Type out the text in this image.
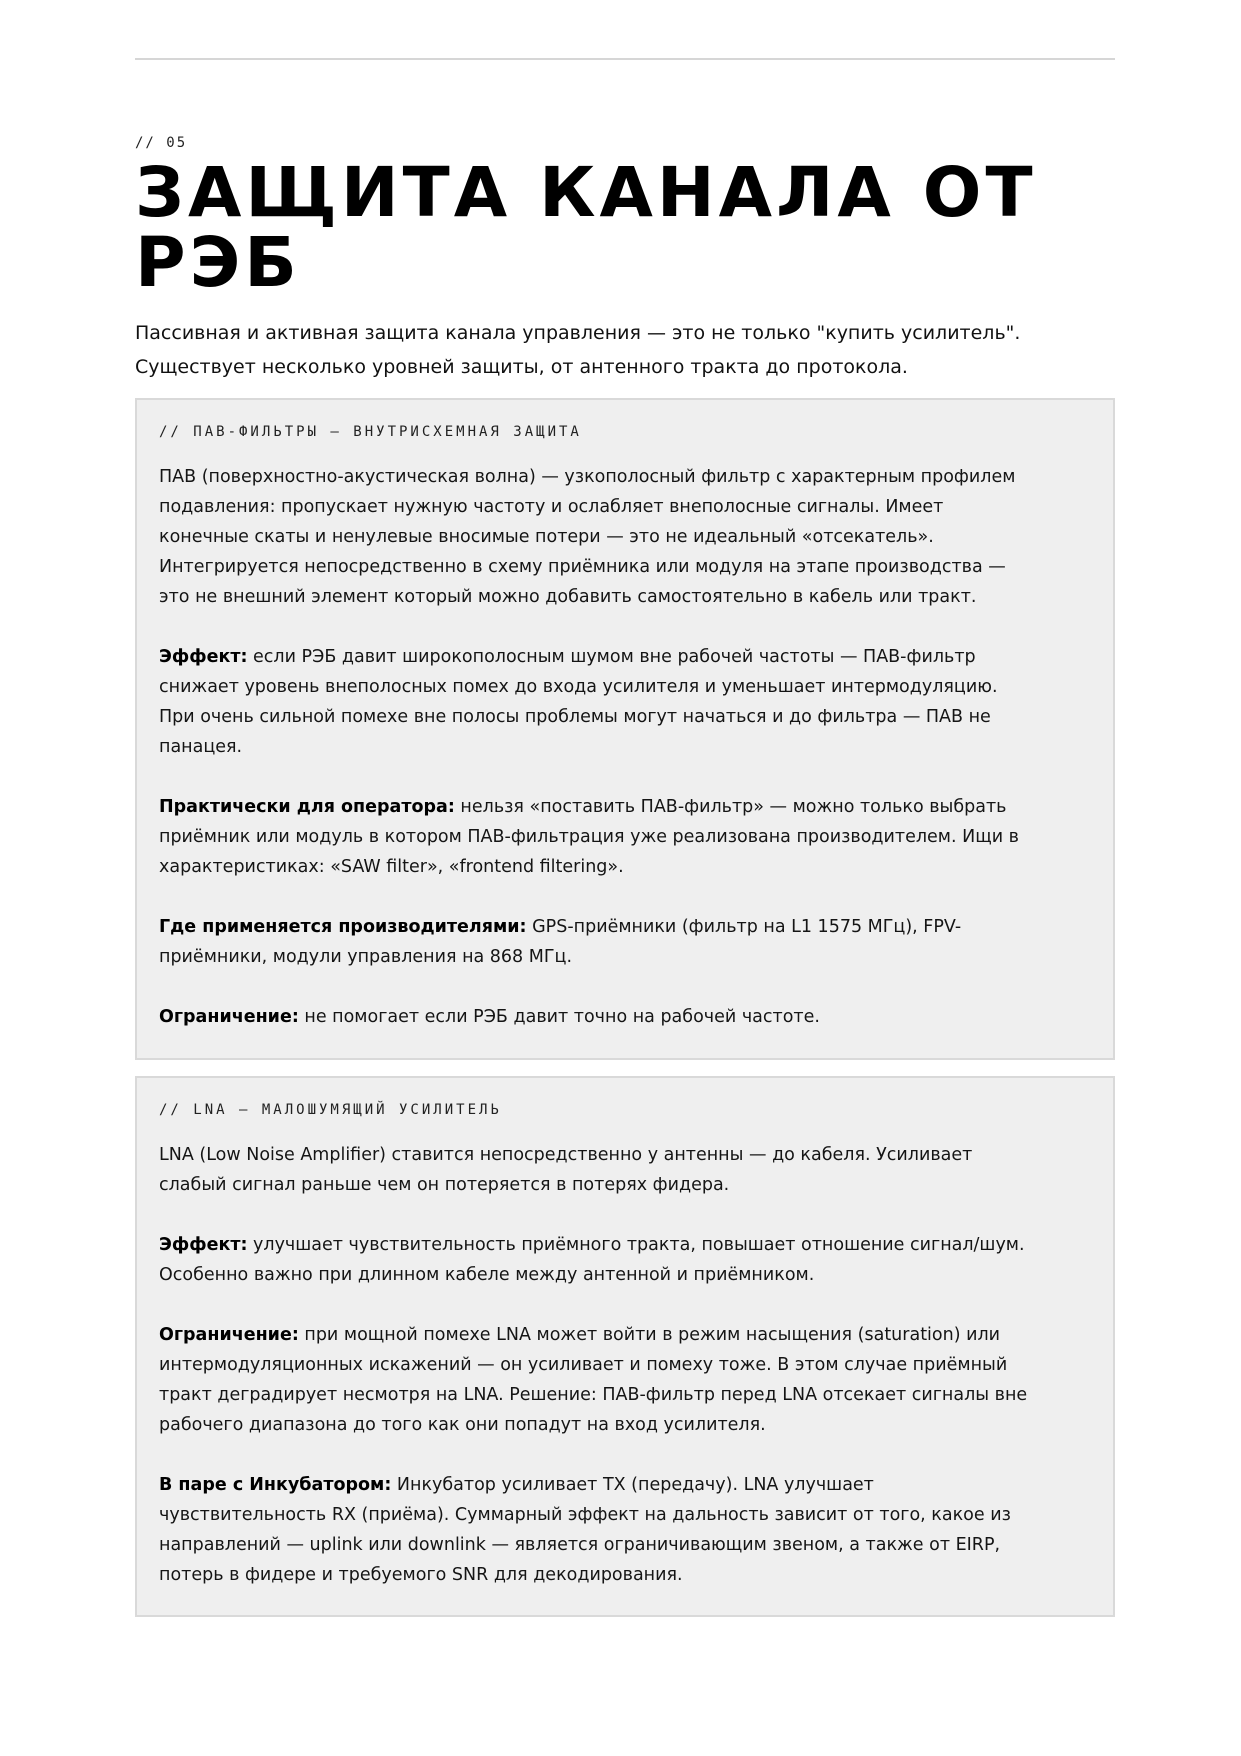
// 05
ЗАЩИТА КАНАЛА ОТ
РЭБ

Пассивная и активная защита канала управления — это не только "купить усилитель".
Существует несколько уровней защиты, от антенного тракта до протокола.

// ПАВ-ФИЛЬТРЫ — ВНУТРИСХЕМНАЯ ЗАЩИТА

ПАВ (поверхностно-акустическая волна) — узкополосный фильтр с характерным профилем
подавления: пропускает нужную частоту и ослабляет внеполосные сигналы. Имеет
конечные скаты и ненулевые вносимые потери — это не идеальный «отсекатель».
Интегрируется непосредственно в схему приёмника или модуля на этапе производства —
это не внешний элемент который можно добавить самостоятельно в кабель или тракт.

Эффект: если РЭБ давит широкополосным шумом вне рабочей частоты — ПАВ-фильтр
снижает уровень внеполосных помех до входа усилителя и уменьшает интермодуляцию.
При очень сильной помехе вне полосы проблемы могут начаться и до фильтра — ПАВ не
панацея.

Практически для оператора: нельзя «поставить ПАВ-фильтр» — можно только выбрать
приёмник или модуль в котором ПАВ-фильтрация уже реализована производителем. Ищи в
характеристиках: «SAW filter», «frontend filtering».

Где применяется производителями: GPS-приёмники (фильтр на L1 1575 МГц), FPV-
приёмники, модули управления на 868 МГц.

Ограничение: не помогает если РЭБ давит точно на рабочей частоте.

// LNA — МАЛОШУМЯЩИЙ УСИЛИТЕЛЬ

LNA (Low Noise Amplifier) ставится непосредственно у антенны — до кабеля. Усиливает
слабый сигнал раньше чем он потеряется в потерях фидера.

Эффект: улучшает чувствительность приёмного тракта, повышает отношение сигнал/шум.
Особенно важно при длинном кабеле между антенной и приёмником.

Ограничение: при мощной помехе LNA может войти в режим насыщения (saturation) или
интермодуляционных искажений — он усиливает и помеху тоже. В этом случае приёмный
тракт деградирует несмотря на LNA. Решение: ПАВ-фильтр перед LNA отсекает сигналы вне
рабочего диапазона до того как они попадут на вход усилителя.

В паре с Инкубатором: Инкубатор усиливает TX (передачу). LNA улучшает
чувствительность RX (приёма). Суммарный эффект на дальность зависит от того, какое из
направлений — uplink или downlink — является ограничивающим звеном, а также от EIRP,
потерь в фидере и требуемого SNR для декодирования.
